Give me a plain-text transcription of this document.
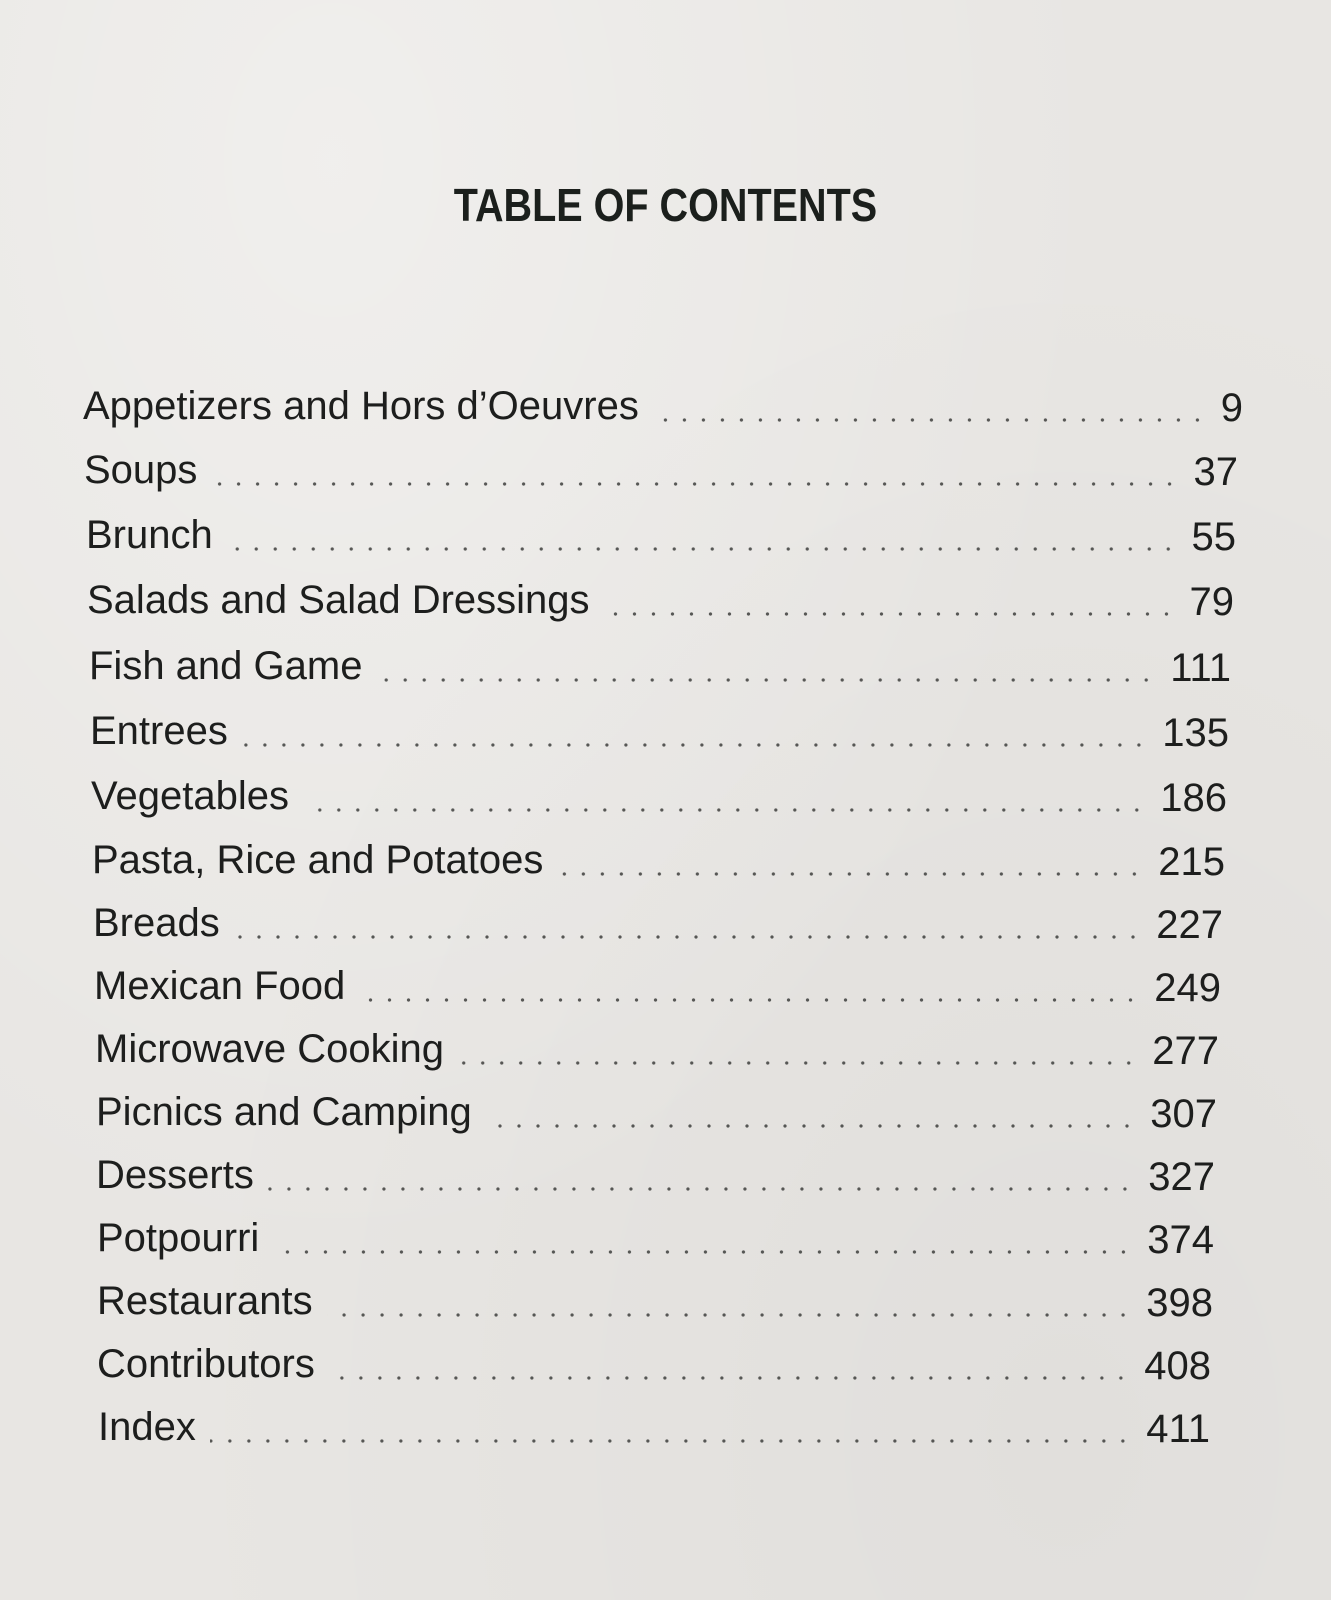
TABLE OF CONTENTS
Appetizers and Hors d’Oeuvres	9
Soups	37
Brunch	55
Salads and Salad Dressings	79
Fish and Game	111
Entrees	135
Vegetables	186
Pasta, Rice and Potatoes	215
Breads	227
Mexican Food	249
Microwave Cooking	277
Picnics and Camping	307
Desserts	327
Potpourri	374
Restaurants	398
Contributors	408
Index	411
